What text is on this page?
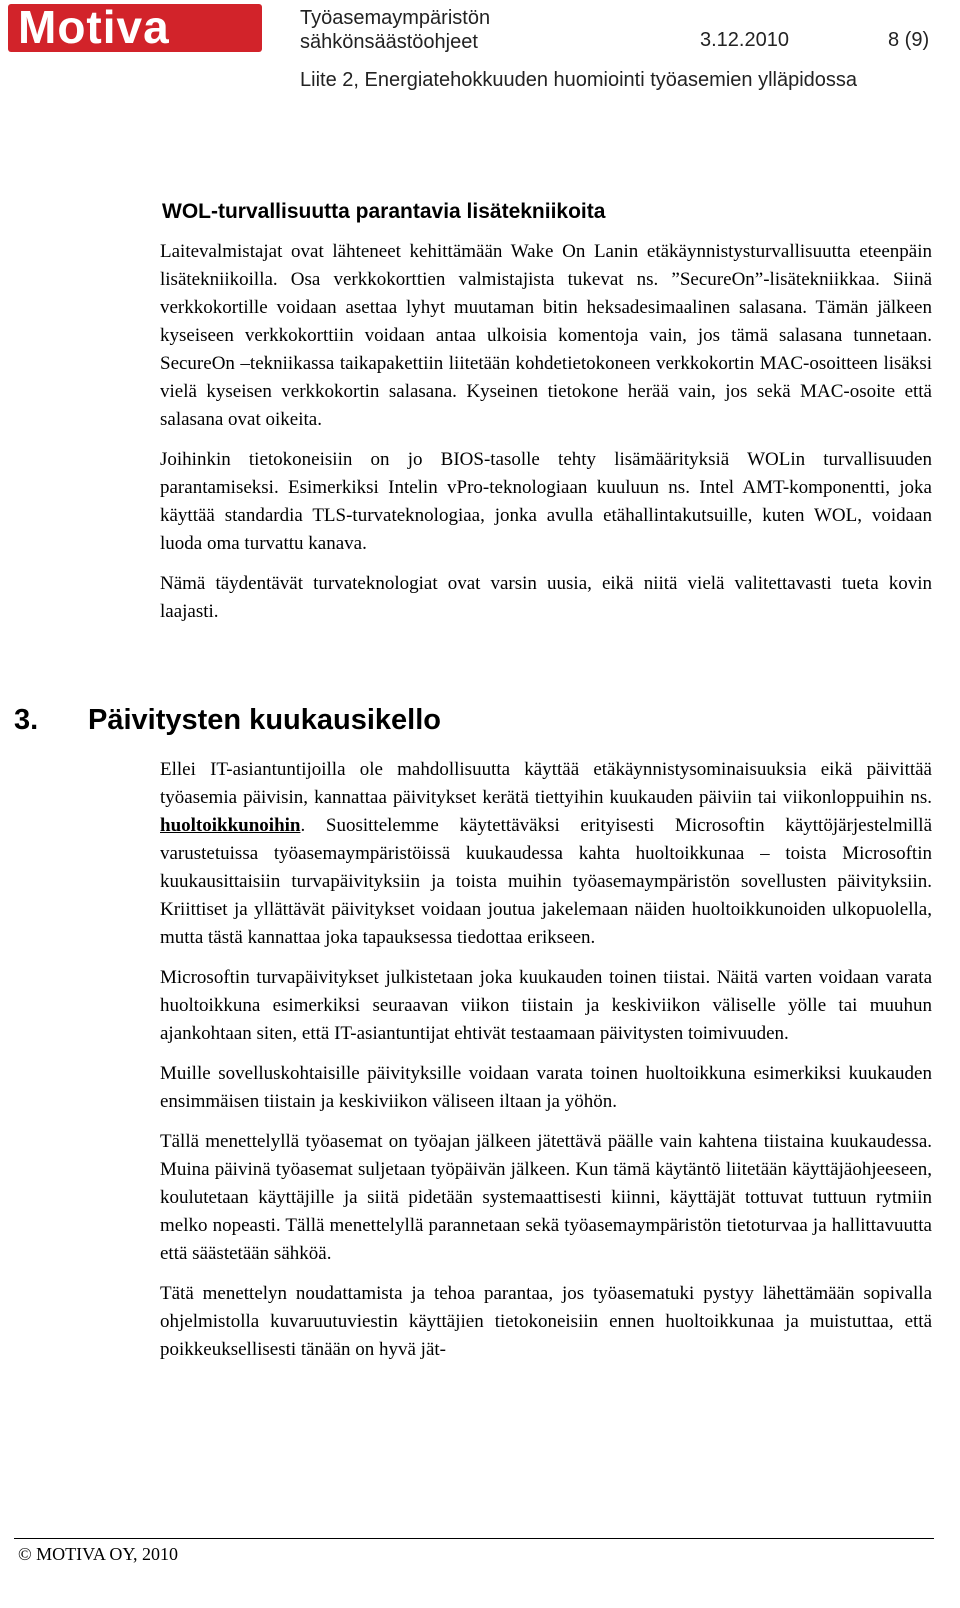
Motiva	Työasemaympäristön sähkönsäästöohjeet	3.12.2010	8 (9)
Liite 2, Energiatehokkuuden huomiointi työasemien ylläpidossa
WOL-turvallisuutta parantavia lisätekniikoita

Laitevalmistajat ovat lähteneet kehittämään Wake On Lanin etäkäynnistysturvallisuutta eteenpäin lisätekniikoilla. Osa verkkokorttien valmistajista tukevat ns. ”SecureOn”-lisätekniikkaa. Siinä verkkokortille voidaan asettaa lyhyt muutaman bitin heksadesimaalinen salasana. Tämän jälkeen kyseiseen verkkokorttiin voidaan antaa ulkoisia komentoja vain, jos tämä salasana tunnetaan. SecureOn –tekniikassa taikapakettiin liitetään kohdetietokoneen verkkokortin MAC-osoitteen lisäksi vielä kyseisen verkkokortin salasana. Kyseinen tietokone herää vain, jos sekä MAC-osoite että salasana ovat oikeita.

Joihinkin tietokoneisiin on jo BIOS-tasolle tehty lisämäärityksiä WOLin turvallisuuden parantamiseksi. Esimerkiksi Intelin vPro-teknologiaan kuuluun ns. Intel AMT-komponentti, joka käyttää standardia TLS-turvateknologiaa, jonka avulla etähallintakutsuille, kuten WOL, voidaan luoda oma turvattu kanava.

Nämä täydentävät turvateknologiat ovat varsin uusia, eikä niitä vielä valitettavasti tueta kovin laajasti.

3. Päivitysten kuukausikello

Ellei IT-asiantuntijoilla ole mahdollisuutta käyttää etäkäynnistysominaisuuksia eikä päivittää työasemia päivisin, kannattaa päivitykset kerätä tiettyihin kuukauden päiviin tai viikonloppuihin ns. huoltoikkunoihin. Suosittelemme käytettäväksi erityisesti Microsoftin käyttöjärjestelmillä varustetuissa työasemaympäristöissä kuukaudessa kahta huoltoikkunaa – toista Microsoftin kuukausittaisiin turvapäivityksiin ja toista muihin työasemaympäristön sovellusten päivityksiin. Kriittiset ja yllättävät päivitykset voidaan joutua jakelemaan näiden huoltoikkunoiden ulkopuolella, mutta tästä kannattaa joka tapauksessa tiedottaa erikseen.

Microsoftin turvapäivitykset julkistetaan joka kuukauden toinen tiistai. Näitä varten voidaan varata huoltoikkuna esimerkiksi seuraavan viikon tiistain ja keskiviikon väliselle yölle tai muuhun ajankohtaan siten, että IT-asiantuntijat ehtivät testaamaan päivitysten toimivuuden.

Muille sovelluskohtaisille päivityksille voidaan varata toinen huoltoikkuna esimerkiksi kuukauden ensimmäisen tiistain ja keskiviikon väliseen iltaan ja yöhön.

Tällä menettelyllä työasemat on työajan jälkeen jätettävä päälle vain kahtena tiistaina kuukaudessa. Muina päivinä työasemat suljetaan työpäivän jälkeen. Kun tämä käytäntö liitetään käyttäjäohjeeseen, koulutetaan käyttäjille ja siitä pidetään systemaattisesti kiinni, käyttäjät tottuvat tuttuun rytmiin melko nopeasti. Tällä menettelyllä parannetaan sekä työasemaympäristön tietoturvaa ja hallittavuutta että säästetään sähköä.

Tätä menettelyn noudattamista ja tehoa parantaa, jos työasematuki pystyy lähettämään sopivalla ohjelmistolla kuvaruutuviestin käyttäjien tietokoneisiin ennen huoltoikkunaa ja muistuttaa, että poikkeuksellisesti tänään on hyvä jät-

© MOTIVA OY, 2010
